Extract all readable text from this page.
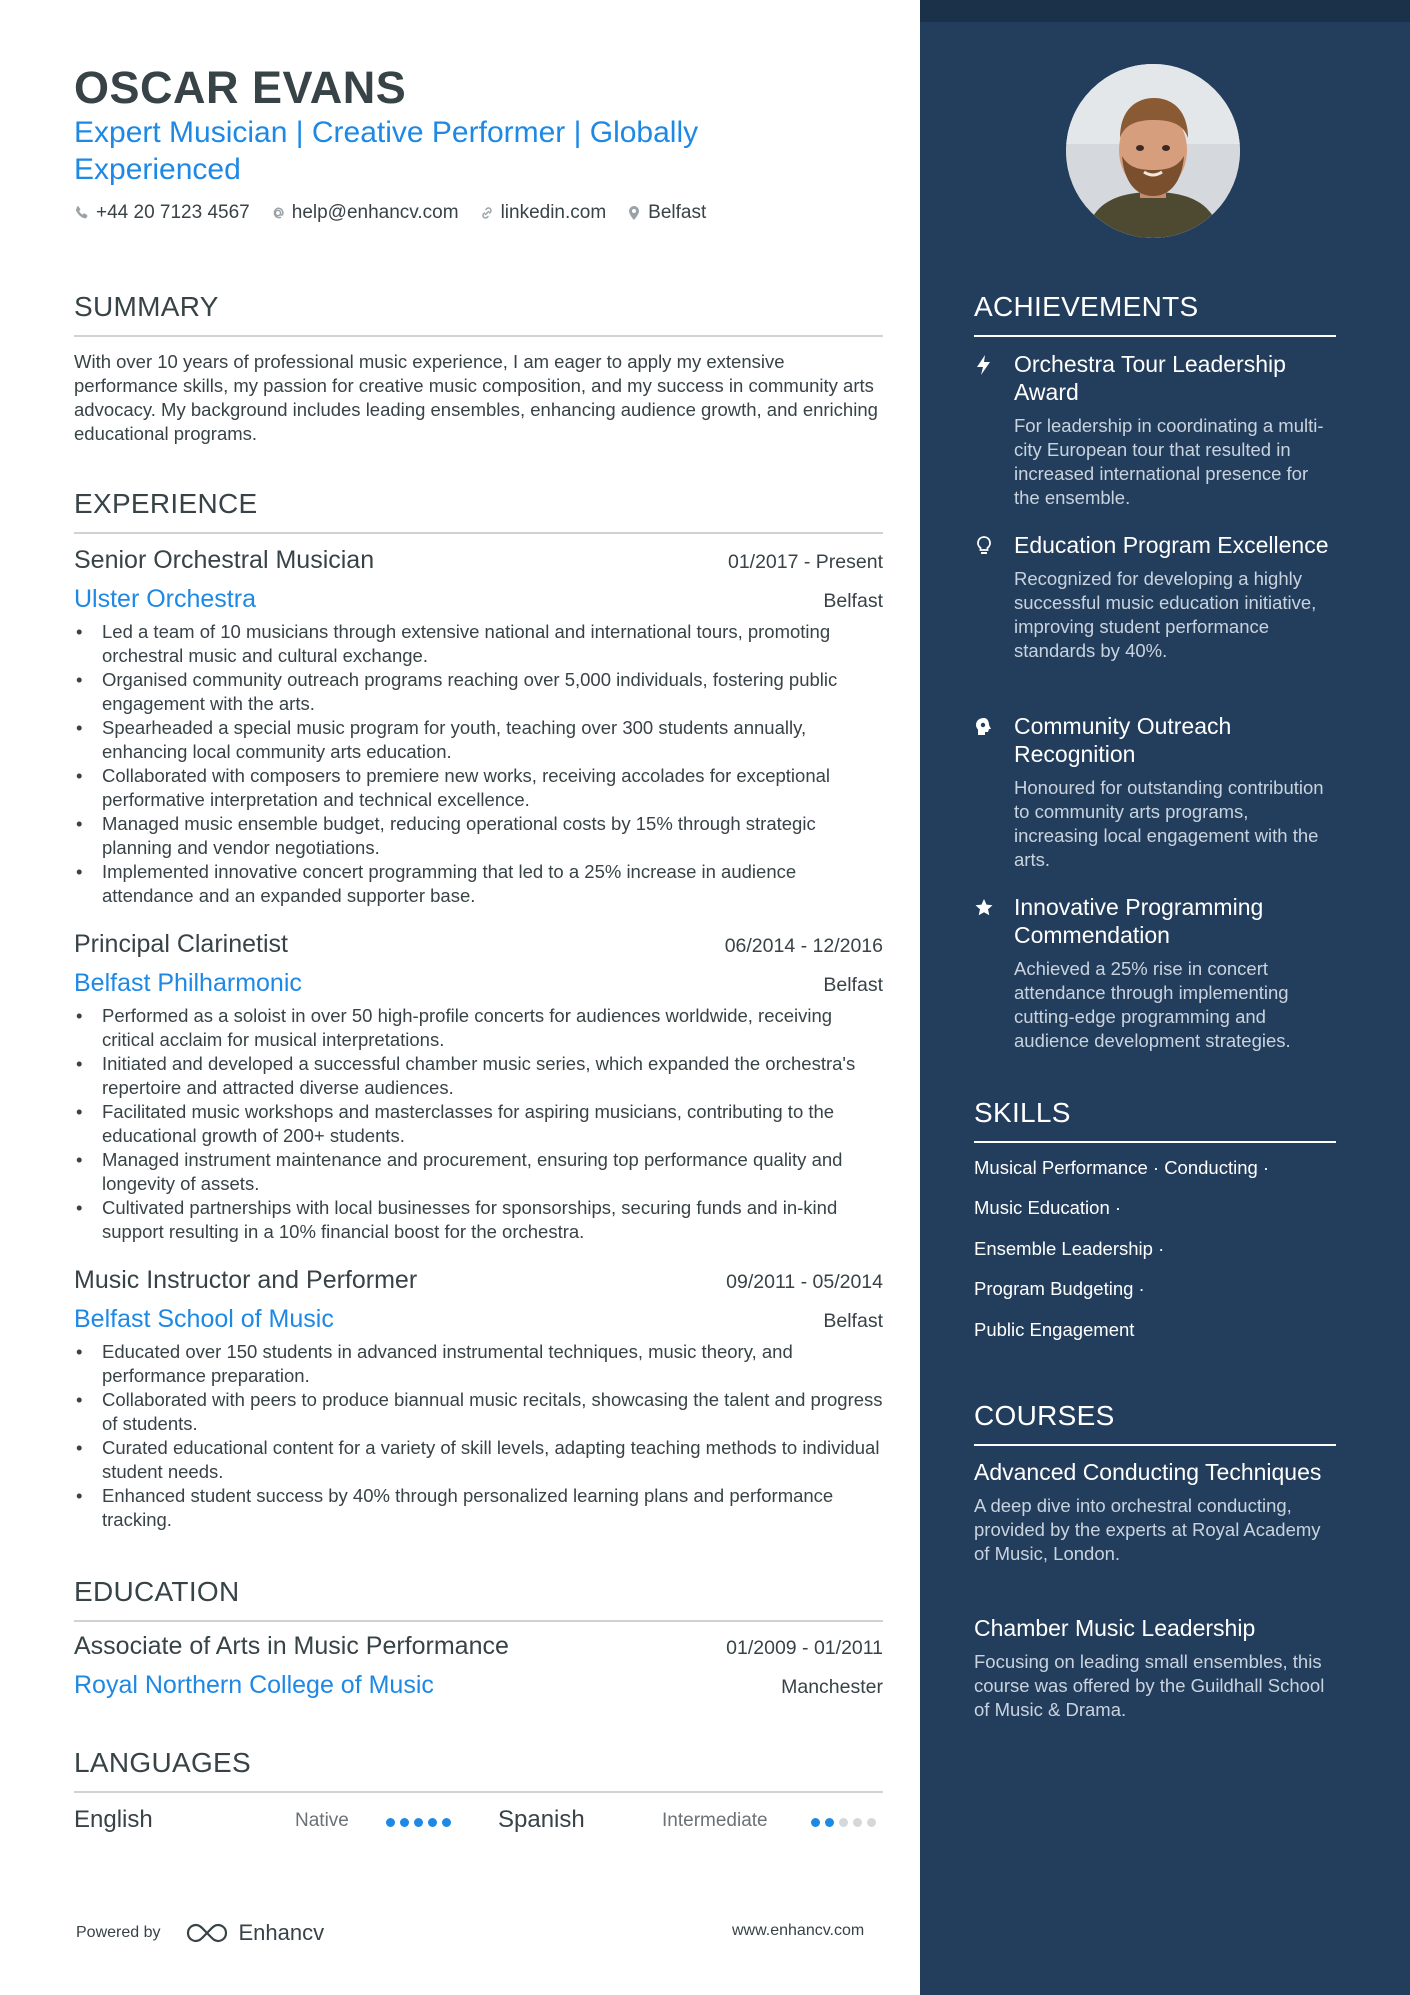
OSCAR EVANS
Expert Musician | Creative Performer | Globally Experienced
+44 20 7123 4567 help@enhancv.com linkedin.com Belfast
SUMMARY
With over 10 years of professional music experience, I am eager to apply my extensive performance skills, my passion for creative music composition, and my success in community arts advocacy. My background includes leading ensembles, enhancing audience growth, and enriching educational programs.
EXPERIENCE
Senior Orchestral Musician	01/2017 - Present
Ulster Orchestra	Belfast
• Led a team of 10 musicians through extensive national and international tours, promoting orchestral music and cultural exchange.
• Organised community outreach programs reaching over 5,000 individuals, fostering public engagement with the arts.
• Spearheaded a special music program for youth, teaching over 300 students annually, enhancing local community arts education.
• Collaborated with composers to premiere new works, receiving accolades for exceptional performative interpretation and technical excellence.
• Managed music ensemble budget, reducing operational costs by 15% through strategic planning and vendor negotiations.
• Implemented innovative concert programming that led to a 25% increase in audience attendance and an expanded supporter base.
Principal Clarinetist	06/2014 - 12/2016
Belfast Philharmonic	Belfast
• Performed as a soloist in over 50 high-profile concerts for audiences worldwide, receiving critical acclaim for musical interpretations.
• Initiated and developed a successful chamber music series, which expanded the orchestra's repertoire and attracted diverse audiences.
• Facilitated music workshops and masterclasses for aspiring musicians, contributing to the educational growth of 200+ students.
• Managed instrument maintenance and procurement, ensuring top performance quality and longevity of assets.
• Cultivated partnerships with local businesses for sponsorships, securing funds and in-kind support resulting in a 10% financial boost for the orchestra.
Music Instructor and Performer	09/2011 - 05/2014
Belfast School of Music	Belfast
• Educated over 150 students in advanced instrumental techniques, music theory, and performance preparation.
• Collaborated with peers to produce biannual music recitals, showcasing the talent and progress of students.
• Curated educational content for a variety of skill levels, adapting teaching methods to individual student needs.
• Enhanced student success by 40% through personalized learning plans and performance tracking.
EDUCATION
Associate of Arts in Music Performance	01/2009 - 01/2011
Royal Northern College of Music	Manchester
LANGUAGES
English	Native	Spanish	Intermediate
Powered by	Enhancv	www.enhancv.com
ACHIEVEMENTS
Orchestra Tour Leadership Award
For leadership in coordinating a multi-city European tour that resulted in increased international presence for the ensemble.
Education Program Excellence
Recognized for developing a highly successful music education initiative, improving student performance standards by 40%.
Community Outreach Recognition
Honoured for outstanding contribution to community arts programs, increasing local engagement with the arts.
Innovative Programming Commendation
Achieved a 25% rise in concert attendance through implementing cutting-edge programming and audience development strategies.
SKILLS
Musical Performance · Conducting ·
Music Education ·
Ensemble Leadership ·
Program Budgeting ·
Public Engagement
COURSES
Advanced Conducting Techniques
A deep dive into orchestral conducting, provided by the experts at Royal Academy of Music, London.
Chamber Music Leadership
Focusing on leading small ensembles, this course was offered by the Guildhall School of Music & Drama.
